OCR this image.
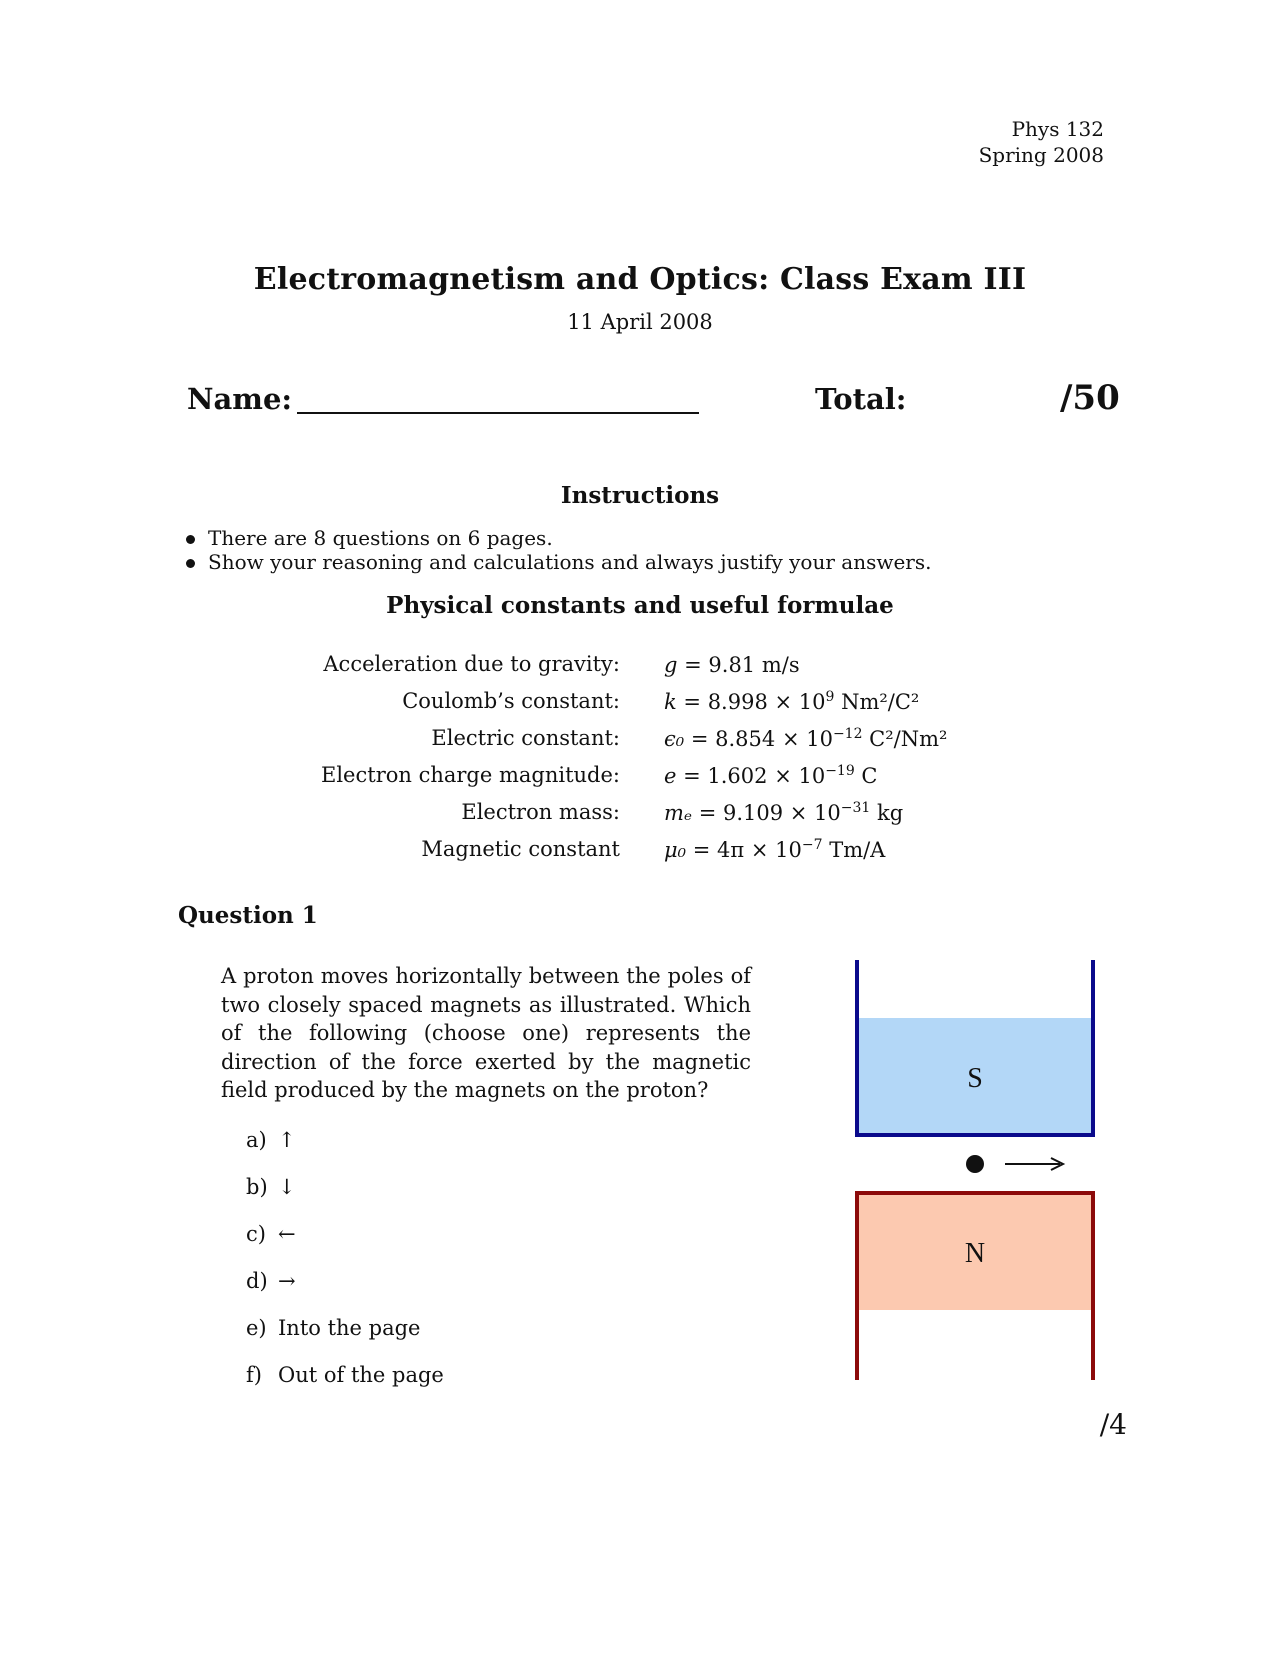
Phys 132
Spring 2008
Electromagnetism and Optics: Class Exam III
11 April 2008
Name:	Total:	/50
Instructions
There are 8 questions on 6 pages.
Show your reasoning and calculations and always justify your answers.
Physical constants and useful formulae
Acceleration due to gravity: g = 9.81 m/s
Coulomb’s constant: $k = 8.998 \times 10^9$ Nm²/C²
Electric constant: $\epsilon_0 = 8.854 \times 10^{-12}$ C²/Nm²
Electron charge magnitude: $e = 1.602 \times 10^{-19}$ C
Electron mass: $m_e = 9.109 \times 10^{-31}$ kg
Magnetic constant $\mu_0 = 4\pi \times 10^{-7}$ Tm/A
Question 1
A proton moves horizontally between the poles of two closely spaced magnets as illustrated. Which of the following (choose one) represents the direction of the force exerted by the magnetic field produced by the magnets on the proton?
a) ↑
b) ↓
c) ←
d) →
e) Into the page
f) Out of the page
S
N
/4
